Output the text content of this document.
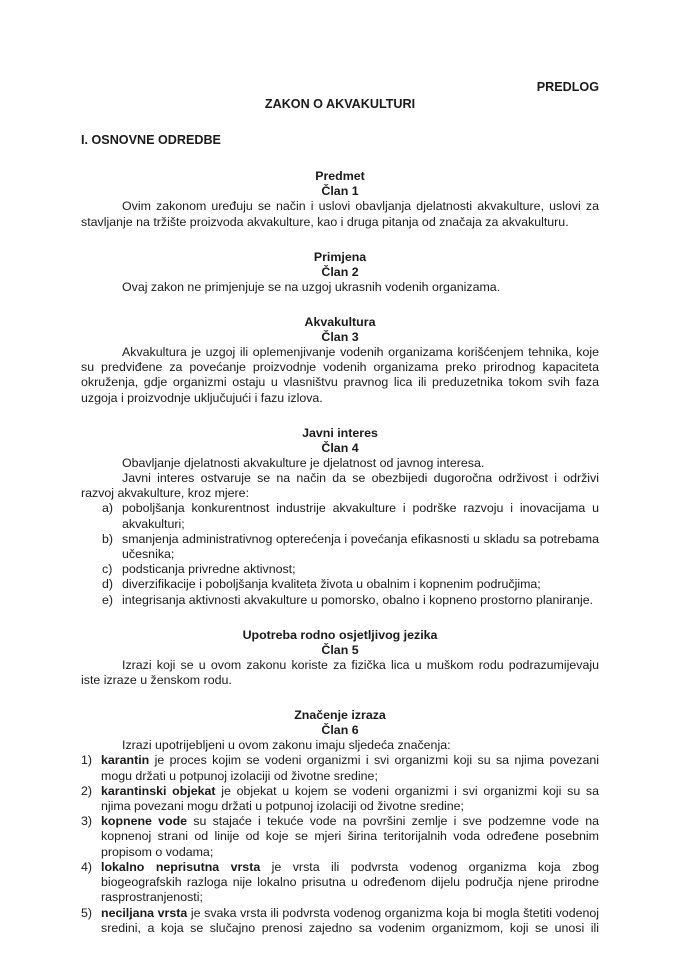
PREDLOG

ZAKON O AKVAKULTURI

I. OSNOVNE ODREDBE

Predmet

Član 1

Ovim zakonom uređuju se način i uslovi obavljanja djelatnosti akvakulture, uslovi za stavljanje na tržište proizvoda akvakulture, kao i druga pitanja od značaja za akvakulturu.

Primjena

Član 2

Ovaj zakon ne primjenjuje se na uzgoj ukrasnih vodenih organizama.

Akvakultura

Član 3

Akvakultura je uzgoj ili oplemenjivanje vodenih organizama korišćenjem tehnika, koje su predviđene za povećanje proizvodnje vodenih organizama preko prirodnog kapaciteta okruženja, gdje organizmi ostaju u vlasništvu pravnog lica ili preduzetnika tokom svih faza uzgoja i proizvodnje uključujući i fazu izlova.

Javni interes

Član 4

Obavljanje djelatnosti akvakulture je djelatnost od javnog interesa.

Javni interes ostvaruje se na način da se obezbijedi dugoročna održivost i održivi razvoj akvakulture, kroz mjere:

a) poboljšanja konkurentnost industrije akvakulture i podrške razvoju i inovacijama u akvakulturi;
b) smanjenja administrativnog opterećenja i povećanja efikasnosti u skladu sa potrebama učesnika;
c) podsticanja privredne aktivnost;
d) diverzifikacije i poboljšanja kvaliteta života u obalnim i kopnenim područjima;
e) integrisanja aktivnosti akvakulture u pomorsko, obalno i kopneno prostorno planiranje.

Upotreba rodno osjetljivog jezika

Član 5

Izrazi koji se u ovom zakonu koriste za fizička lica u muškom rodu podrazumijevaju iste izraze u ženskom rodu.

Značenje izraza

Član 6

Izrazi upotrijebljeni u ovom zakonu imaju sljedeća značenja:

1) karantin je proces kojim se vodeni organizmi i svi organizmi koji su sa njima povezani mogu držati u potpunoj izolaciji od životne sredine;
2) karantinski objekat je objekat u kojem se vodeni organizmi i svi organizmi koji su sa njima povezani mogu držati u potpunoj izolaciji od životne sredine;
3) kopnene vode su stajaće i tekuće vode na površini zemlje i sve podzemne vode na kopnenoj strani od linije od koje se mjeri širina teritorijalnih voda određene posebnim propisom o vodama;
4) lokalno neprisutna vrsta je vrsta ili podvrsta vodenog organizma koja zbog biogeografskih razloga nije lokalno prisutna u određenom dijelu područja njene prirodne rasprostranjenosti;
5) neciljana vrsta je svaka vrsta ili podvrsta vodenog organizma koja bi mogla štetiti vodenoj sredini, a koja se slučajno prenosi zajedno sa vodenim organizmom, koji se unosi ili
